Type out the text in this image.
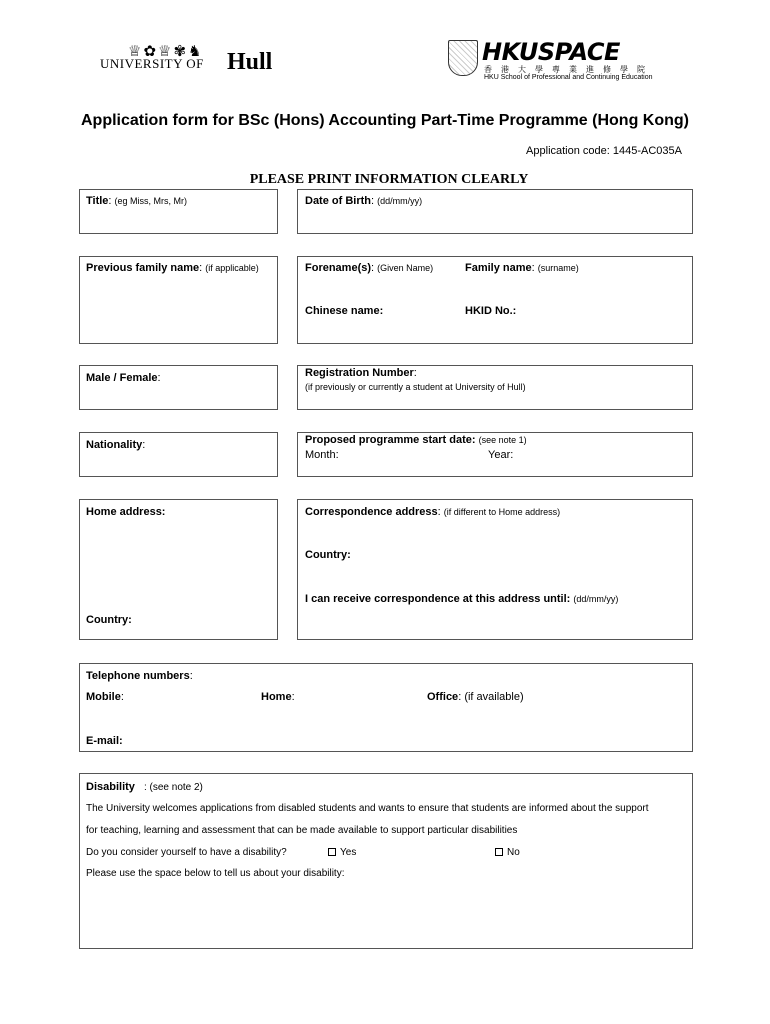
♕✿♕✾♞
UNIVERSITY OF Hull	HKUSPACE
香港大學專業進修學院
HKU School of Professional and Continuing Education
Application form for BSc (Hons) Accounting Part-Time Programme (Hong Kong)
Application code: 1445-AC035A
PLEASE PRINT INFORMATION CLEARLY
Title: (eg Miss, Mrs, Mr)	Date of Birth: (dd/mm/yy)
Previous family name: (if applicable)	Forename(s): (Given Name)	Family name: (surname)
Chinese name:	HKID No.:
Male / Female:	Registration Number:
(if previously or currently a student at University of Hull)
Nationality:	Proposed programme start date: (see note 1)
Month:	Year:
Home address:
Country:
Correspondence address: (if different to Home address)
Country:
I can receive correspondence at this address until: (dd/mm/yy)
Telephone numbers:
Mobile:	Home:	Office: (if available)
E-mail:
Disability : (see note 2)
The University welcomes applications from disabled students and wants to ensure that students are informed about the support
for teaching, learning and assessment that can be made available to support particular disabilities
Do you consider yourself to have a disability?	Yes	No
Please use the space below to tell us about your disability:
